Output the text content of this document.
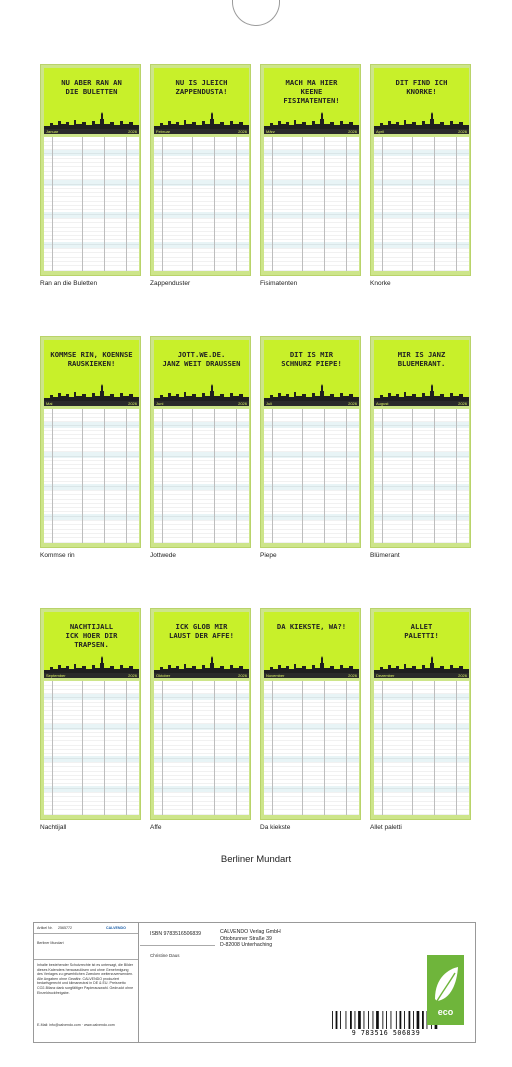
NU ABER RAN AN
DIE BULETTEN
Januar	2026
Ran an die Buletten
NU IS JLEICH
ZAPPENDUSTA!
Februar	2026
Zappenduster
MACH MA HIER
KEENE
FISIMATENTEN!
März	2026
Fisimatenten
DIT FIND ICH
KNORKE!
April	2026
Knorke
KOMMSE RIN, KOENNSE
RAUSKIEKEN!
Mai	2026
Kommse rin
JOTT.WE.DE.
JANZ WEIT DRAUSSEN
Juni	2026
Jottwede
DIT IS MIR
SCHNURZ PIEPE!
Juli	2026
Piepe
MIR IS JANZ
BLUEMERANT.
August	2026
Blümerant
NACHTIJALL
ICK HOER DIR
TRAPSEN.
September	2026
Nachtijall
ICK GLOB MIR
LAUST DER AFFE!
Oktober	2026
Affe
DA KIEKSTE, WA?!
November	2026
Da kiekste
ALLET
PALETTI!
Dezember	2026
Allet paletti
Berliner Mundart
Artikel Nr. 2565772	CALVENDO
Berliner Mundart
Inhalte bestehender Schutzrechte ist es untersagt, die Bilder dieses Kalenders herauszulösen und ohne Genehmigung des Verlages zu gewerblichen Zwecken weiterzuverwenden. Alle Angaben ohne Gewähr. CALVENDO produziert bedarfsgerecht und klimaneutral in DE & EU. Preisnetto CO2-Bilanz dank sorgfältiger Papierauswahl. Gedruckt ohne Einzeldruckfreigabe.
E-Mail: info@calvendo.com · www.calvendo.com
ISBN 9783516506839
Christine Daus
CALVENDO Verlag GmbH
Ottobrunner Straße 39
D-82008 Unterhaching
9 783516 506839
eco
